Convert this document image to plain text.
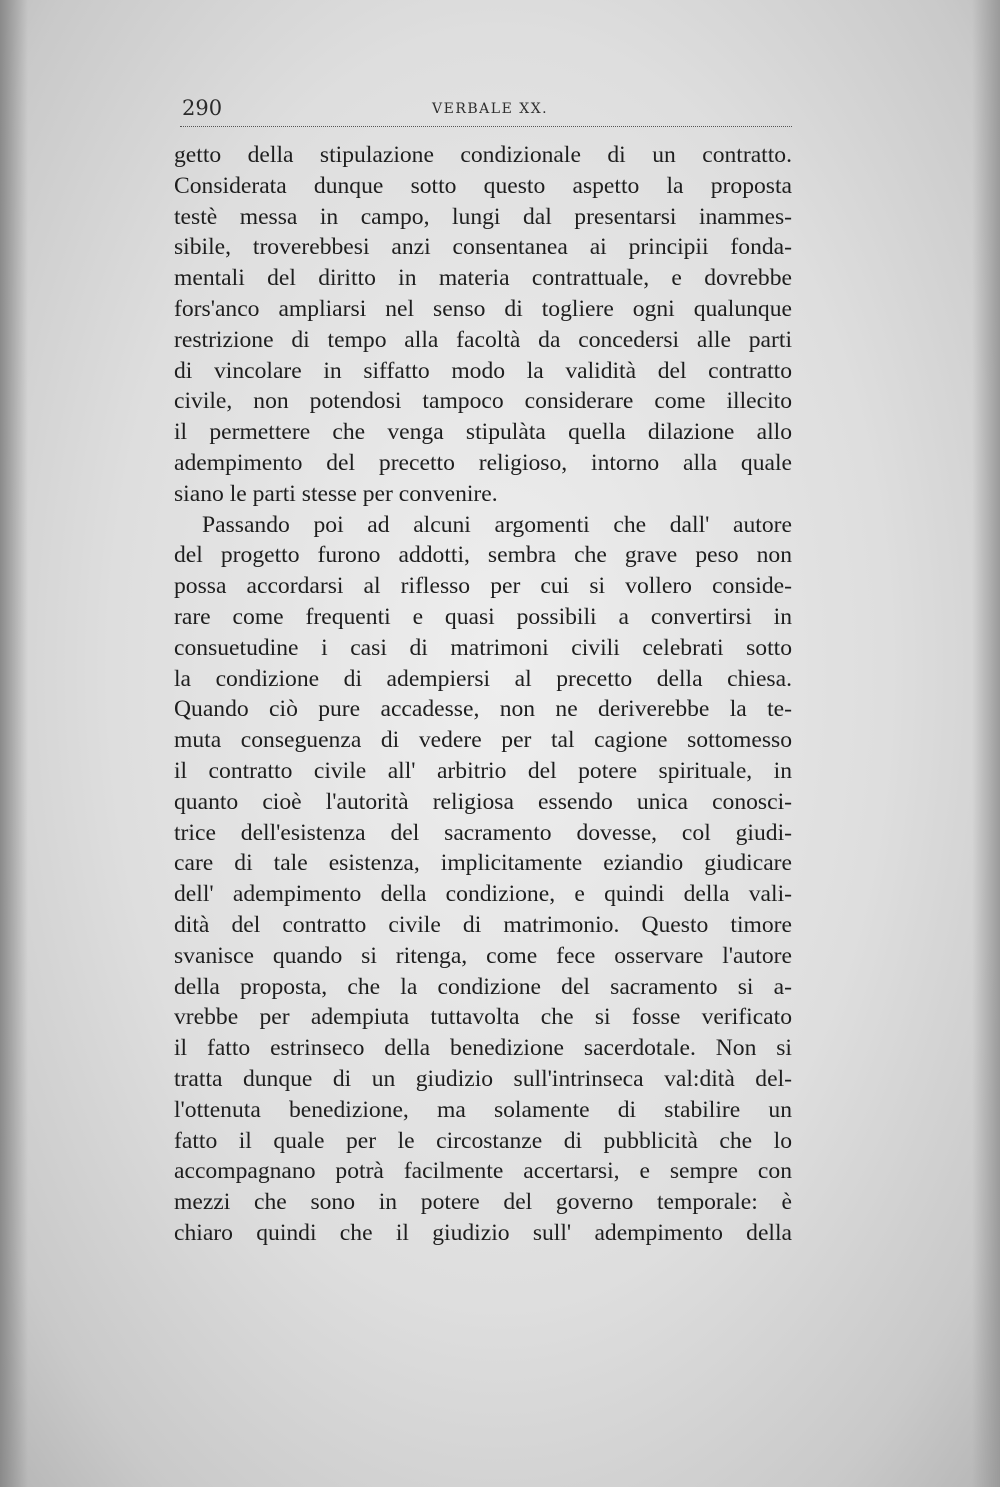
290	VERBALE XX.
getto della stipulazione condizionale di un contratto.
Considerata dunque sotto questo aspetto la proposta
testè messa in campo, lungi dal presentarsi inammes-
sibile, troverebbesi anzi consentanea ai principii fonda-
mentali del diritto in materia contrattuale, e dovrebbe
fors'anco ampliarsi nel senso di togliere ogni qualunque
restrizione di tempo alla facoltà da concedersi alle parti
di vincolare in siffatto modo la validità del contratto
civile, non potendosi tampoco considerare come illecito
il permettere che venga stipulàta quella dilazione allo
adempimento del precetto religioso, intorno alla quale
siano le parti stesse per convenire.
Passando poi ad alcuni argomenti che dall' autore
del progetto furono addotti, sembra che grave peso non
possa accordarsi al riflesso per cui si vollero conside-
rare come frequenti e quasi possibili a convertirsi in
consuetudine i casi di matrimoni civili celebrati sotto
la condizione di adempiersi al precetto della chiesa.
Quando ciò pure accadesse, non ne deriverebbe la te-
muta conseguenza di vedere per tal cagione sottomesso
il contratto civile all' arbitrio del potere spirituale, in
quanto cioè l'autorità religiosa essendo unica conosci-
trice dell'esistenza del sacramento dovesse, col giudi-
care di tale esistenza, implicitamente eziandio giudicare
dell' adempimento della condizione, e quindi della vali-
dità del contratto civile di matrimonio. Questo timore
svanisce quando si ritenga, come fece osservare l'autore
della proposta, che la condizione del sacramento si a-
vrebbe per adempiuta tuttavolta che si fosse verificato
il fatto estrinseco della benedizione sacerdotale. Non si
tratta dunque di un giudizio sull'intrinseca val:dità del-
l'ottenuta benedizione, ma solamente di stabilire un
fatto il quale per le circostanze di pubblicità che lo
accompagnano potrà facilmente accertarsi, e sempre con
mezzi che sono in potere del governo temporale: è
chiaro quindi che il giudizio sull' adempimento della
